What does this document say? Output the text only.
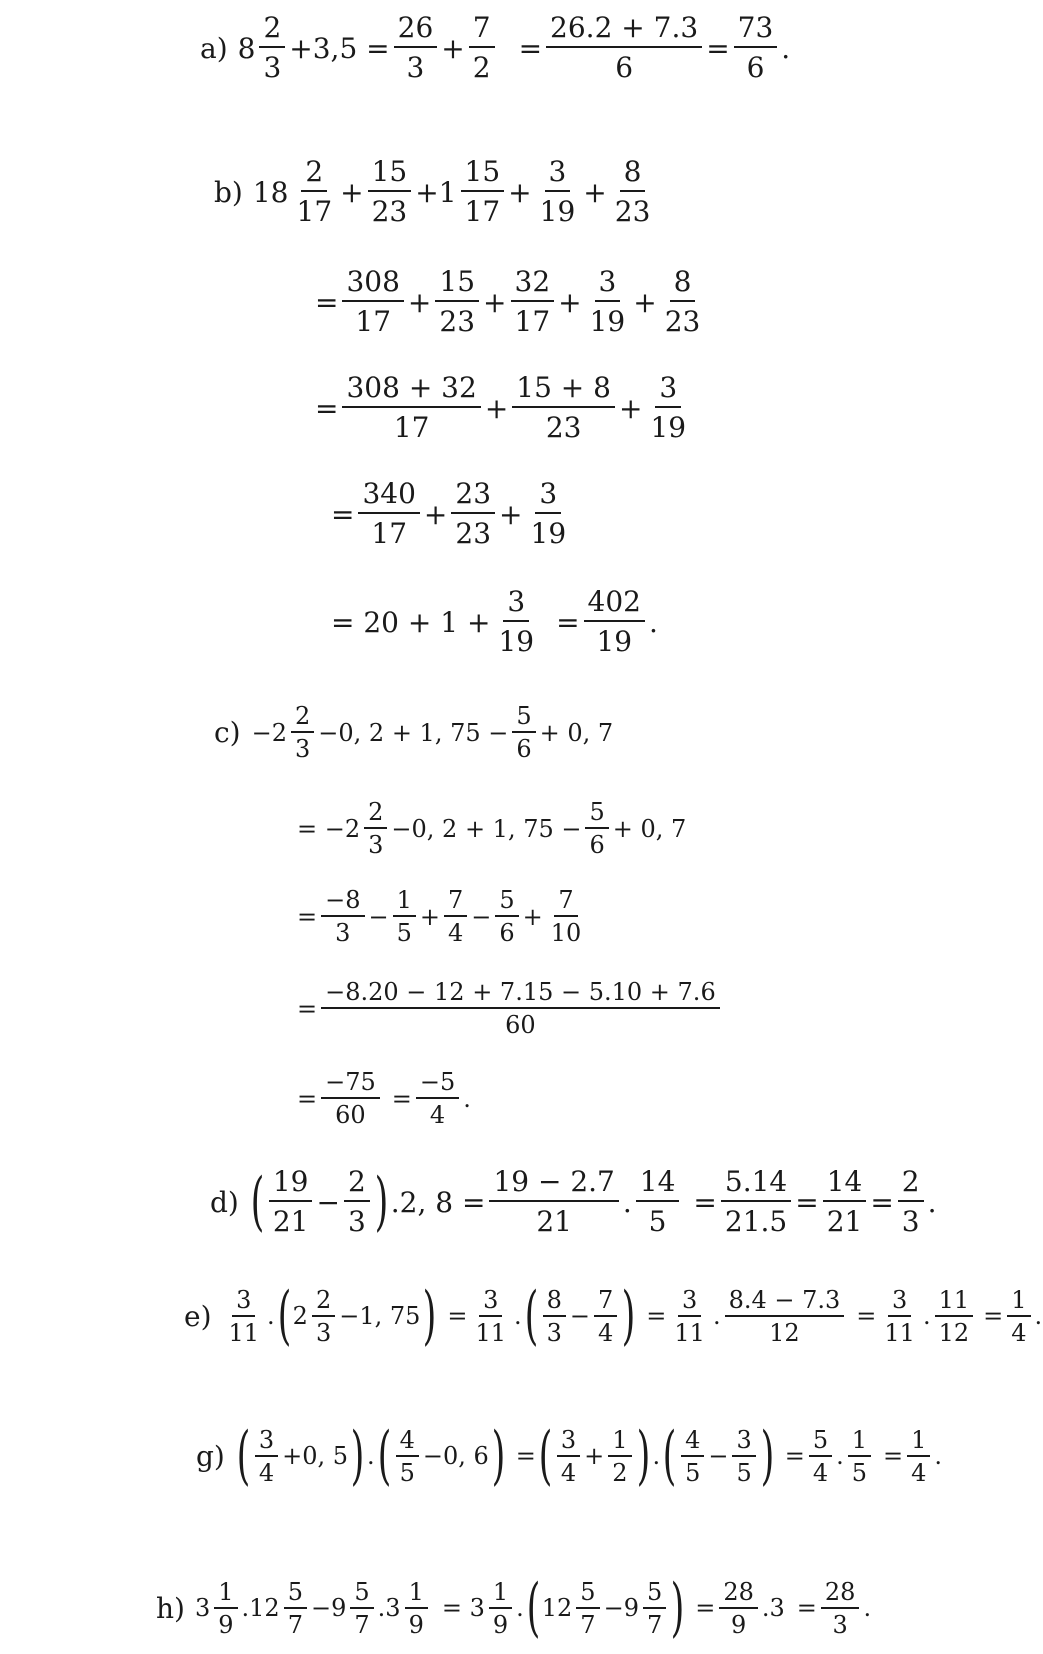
a) 8
2
3
$+3,5 = \frac{26}{3} + \frac{7}{2} = \frac{26.2 + 7.3}{6} = \frac{73}{6}$ .
b) 18
2
17
+ $\frac{15}{23} +1$
15
17
+ $\frac{3}{19} + \frac{8}{23}$
= $\frac{308}{17} + \frac{15}{23} + \frac{32}{17} + \frac{3}{19} + \frac{8}{23}$
= $\frac{308 + 32}{17} + \frac{15 + 8}{23} + \frac{3}{19}$
= $\frac{340}{17} + \frac{23}{23} + \frac{3}{19}$
= $20 + 1 + \frac{3}{19} = \frac{402}{19}$ .
c) −2
2
3
−0, 2 + 1, $75 - \frac{5}{6} + 0$, 7
= −2
2
3
−0, 2 + 1, $75 - \frac{5}{6} + 0$, 7
= $\frac{-8}{3} - \frac{1}{5} + \frac{7}{4} - \frac{5}{6} + \frac{7}{10}$
= $\frac{-8.20 - 12 + 7.15 - 5.10 + 7.6}{60}$
= $\frac{-75}{60} = \frac{-5}{4}$ .
d) ( 19
21
− $\frac{2}{3}$ ) .2, $8 = \frac{19 - 2.7}{21}$ . $\frac{14}{5} = \frac{5.14}{21.5} = \frac{14}{21} = \frac{2}{3}$ .
e) 3
11
. ( 2
2
3
−1, 75 ) = $\frac{3}{11}$ . ( 8
3
− $\frac{7}{4}$ ) = $\frac{3}{11}$ . $\frac{8.4 - 7.3}{12} = \frac{3}{11}$ . $\frac{11}{12} = \frac{1}{4}$ .
g) ( 3
4
+0, 5 ) . ( 4
5
−0, 6 ) = ( 3
4
+ $\frac{1}{2}$ ) . ( 4
5
− $\frac{3}{5}$ ) = $\frac{5}{4}$ . $\frac{1}{5} = \frac{1}{4}$ .
h) 3
1
9
.12
5
7
−9
5
7
$.3 \frac{1}{9} = 3$
1
9
. ( 12
5
7
−9
5
7 ) = $\frac{28}{9} .3 = \frac{28}{3}$ .
